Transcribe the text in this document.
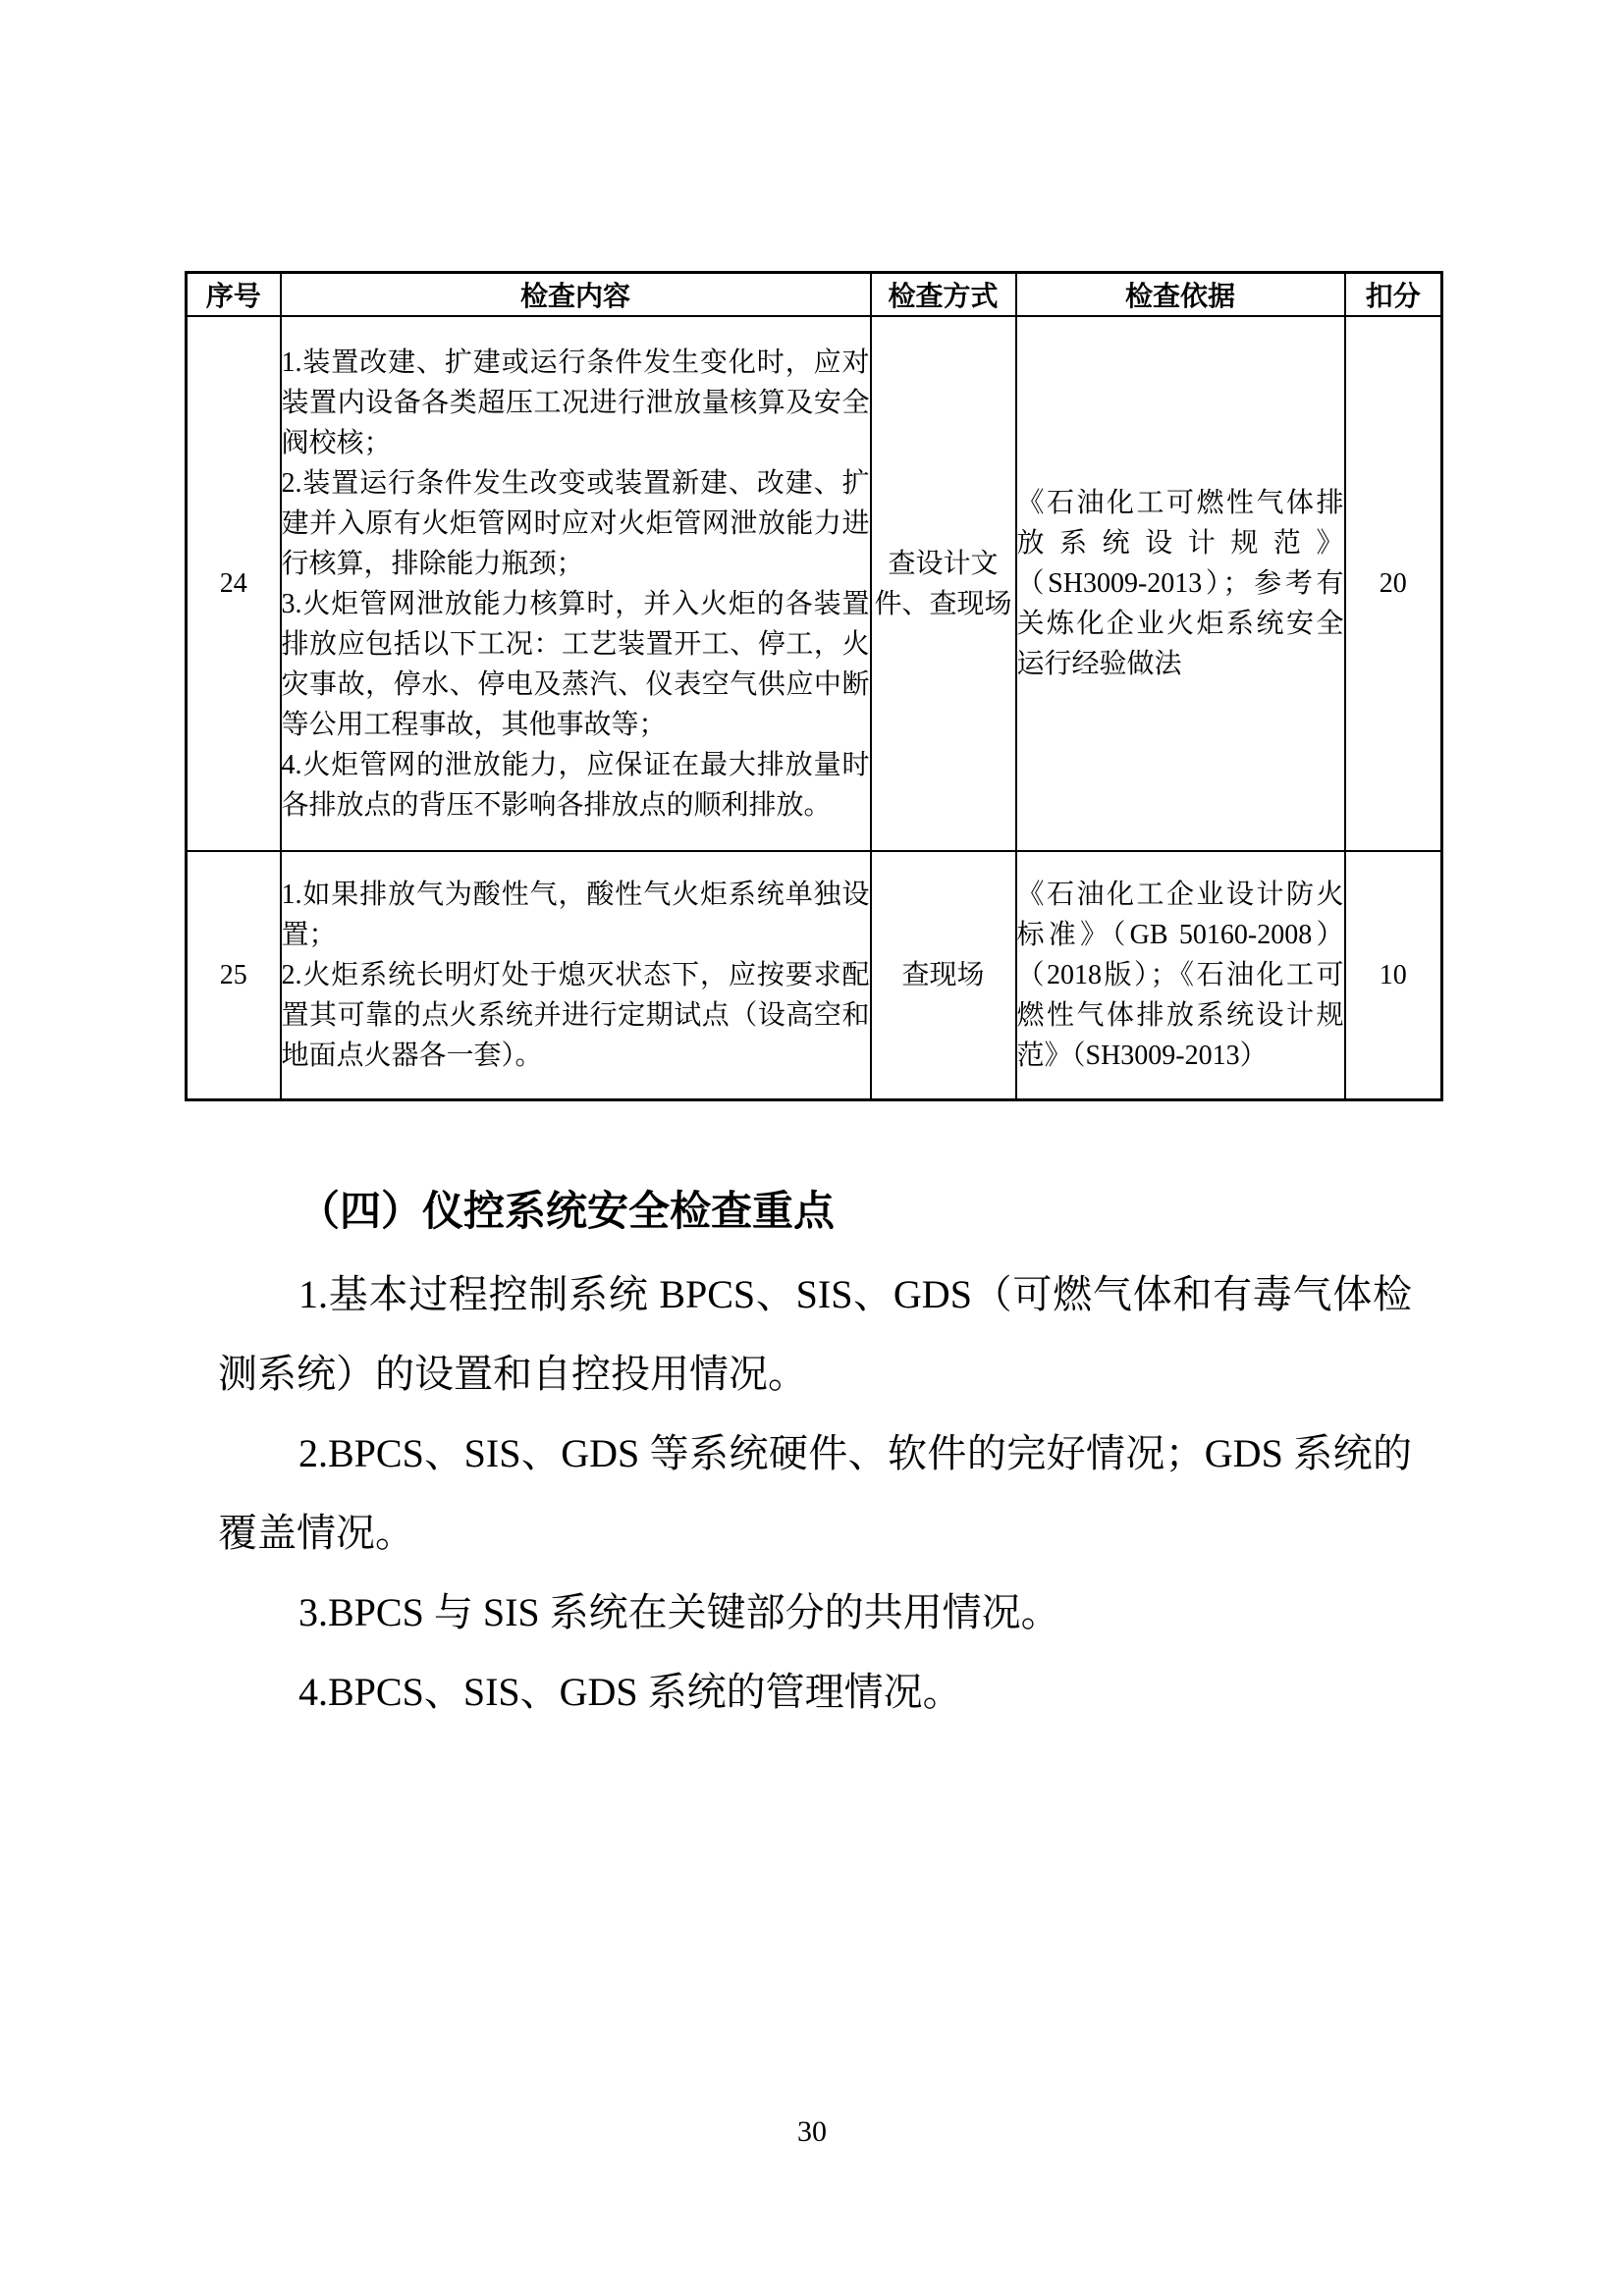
序号	检查内容	检查方式	检查依据	扣分
24	1.装置改建、扩建或运行条件发生变化时，应对装置内设备各类超压工况进行泄放量核算及安全阀校核；
2.装置运行条件发生改变或装置新建、改建、扩建并入原有火炬管网时应对火炬管网泄放能力进行核算，排除能力瓶颈；
3.火炬管网泄放能力核算时，并入火炬的各装置排放应包括以下工况：工艺装置开工、停工，火灾事故，停水、停电及蒸汽、仪表空气供应中断等公用工程事故，其他事故等；
4.火炬管网的泄放能力，应保证在最大排放量时各排放点的背压不影响各排放点的顺利排放。	查设计文件、查现场	《石油化工可燃性气体排放系统设计规范》（SH3009-2013）；参考有关炼化企业火炬系统安全运行经验做法	20
25	1.如果排放气为酸性气，酸性气火炬系统单独设置；
2.火炬系统长明灯处于熄灭状态下，应按要求配置其可靠的点火系统并进行定期试点（设高空和地面点火器各一套）。	查现场	《石油化工企业设计防火标准》（GB 50160-2008）（2018版）；《石油化工可燃性气体排放系统设计规范》（SH3009-2013）	10
（四）仪控系统安全检查重点

1.基本过程控制系统 BPCS、SIS、GDS（可燃气体和有毒气体检测系统）的设置和自控投用情况。

2.BPCS、SIS、GDS 等系统硬件、软件的完好情况；GDS 系统的覆盖情况。

3.BPCS 与 SIS 系统在关键部分的共用情况。

4.BPCS、SIS、GDS 系统的管理情况。

30
